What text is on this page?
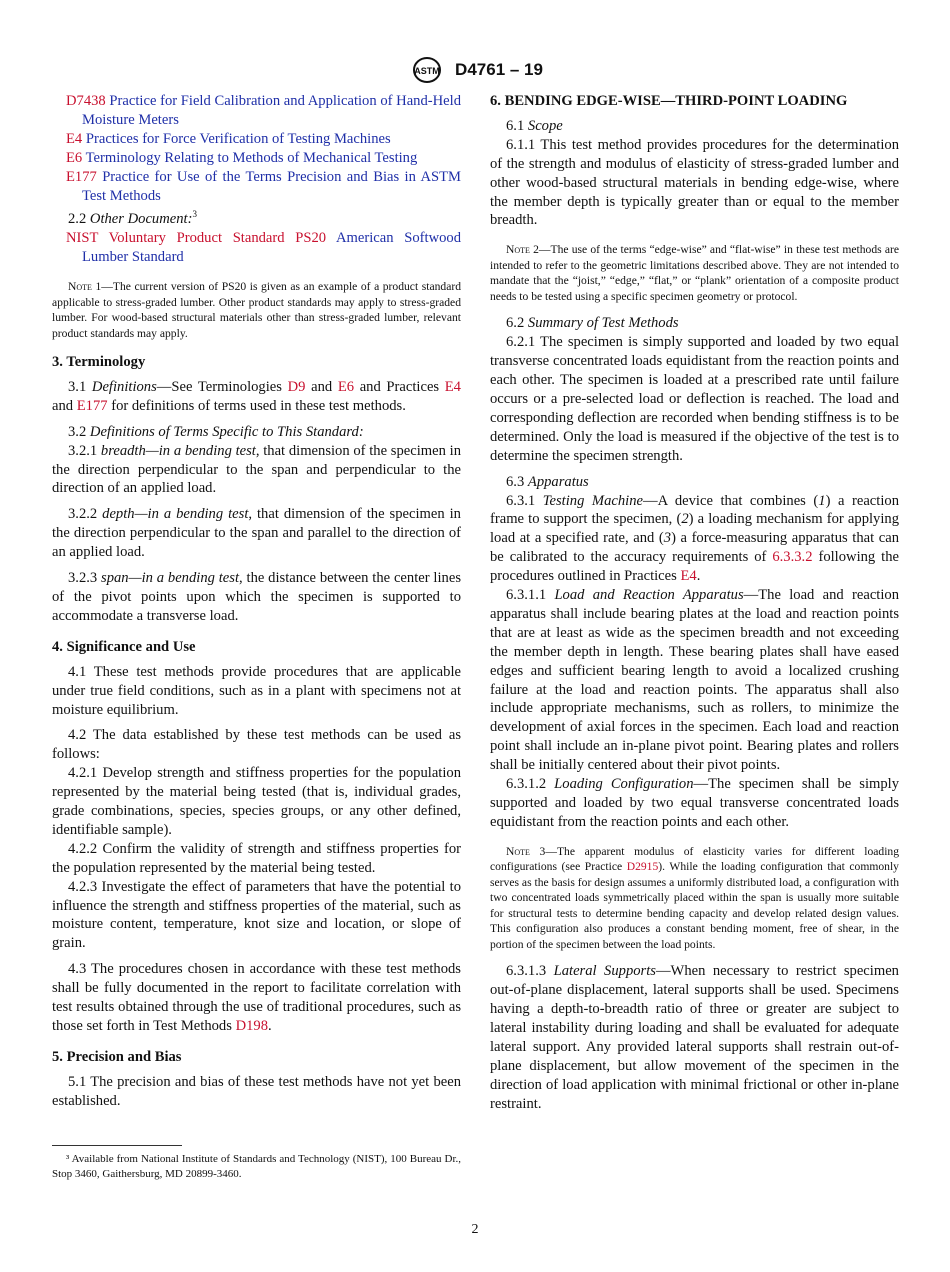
ASTM D4761 – 19

D7438 Practice for Field Calibration and Application of Hand-Held Moisture Meters

E4 Practices for Force Verification of Testing Machines

E6 Terminology Relating to Methods of Mechanical Testing

E177 Practice for Use of the Terms Precision and Bias in ASTM Test Methods

2.2 Other Document:$^3$

NIST Voluntary Product Standard PS20 American Softwood Lumber Standard

Note 1—The current version of PS20 is given as an example of a product standard applicable to stress-graded lumber. Other product standards may apply to stress-graded lumber. For wood-based structural materials other than stress-graded lumber, relevant product standards may apply.

3. Terminology

3.1 Definitions—See Terminologies D9 and E6 and Practices E4 and E177 for definitions of terms used in these test methods.

3.2 Definitions of Terms Specific to This Standard:

3.2.1 breadth—in a bending test, that dimension of the specimen in the direction perpendicular to the span and perpendicular to the direction of an applied load.

3.2.2 depth—in a bending test, that dimension of the specimen in the direction perpendicular to the span and parallel to the direction of an applied load.

3.2.3 span—in a bending test, the distance between the center lines of the pivot points upon which the specimen is supported to accommodate a transverse load.

4. Significance and Use

4.1 These test methods provide procedures that are applicable under true field conditions, such as in a plant with specimens not at moisture equilibrium.

4.2 The data established by these test methods can be used as follows:

4.2.1 Develop strength and stiffness properties for the population represented by the material being tested (that is, individual grades, grade combinations, species, species groups, or any other defined, identifiable sample).

4.2.2 Confirm the validity of strength and stiffness properties for the population represented by the material being tested.

4.2.3 Investigate the effect of parameters that have the potential to influence the strength and stiffness properties of the material, such as moisture content, temperature, knot size and location, or slope of grain.

4.3 The procedures chosen in accordance with these test methods shall be fully documented in the report to facilitate correlation with test results obtained through the use of traditional procedures, such as those set forth in Test Methods D198.

5. Precision and Bias

5.1 The precision and bias of these test methods have not yet been established.

³ Available from National Institute of Standards and Technology (NIST), 100 Bureau Dr., Stop 3460, Gaithersburg, MD 20899-3460.

6. BENDING EDGE-WISE—THIRD-POINT LOADING

6.1 Scope

6.1.1 This test method provides procedures for the determination of the strength and modulus of elasticity of stress-graded lumber and other wood-based structural materials in bending edge-wise, where the member depth is typically greater than or equal to the member breadth.

Note 2—The use of the terms “edge-wise” and “flat-wise” in these test methods are intended to refer to the geometric limitations described above. They are not intended to mandate that the “joist,” “edge,” “flat,” or “plank” orientation of a composite product needs to be tested using a specific specimen geometry or protocol.

6.2 Summary of Test Methods

6.2.1 The specimen is simply supported and loaded by two equal transverse concentrated loads equidistant from the reaction points and each other. The specimen is loaded at a prescribed rate until failure occurs or a pre-selected load or deflection is reached. The load and corresponding deflection are recorded when bending stiffness is to be determined. Only the load is measured if the objective of the test is to determine the specimen strength.

6.3 Apparatus

6.3.1 Testing Machine—A device that combines (1) a reaction frame to support the specimen, (2) a loading mechanism for applying load at a specified rate, and (3) a force-measuring apparatus that can be calibrated to the accuracy requirements of 6.3.3.2 following the procedures outlined in Practices E4.

6.3.1.1 Load and Reaction Apparatus—The load and reaction apparatus shall include bearing plates at the load and reaction points that are at least as wide as the specimen breadth and not exceeding the member depth in length. These bearing plates shall have eased edges and sufficient bearing length to avoid a localized crushing failure at the load and reaction points. The apparatus shall also include appropriate mechanisms, such as rollers, to minimize the development of axial forces in the specimen. Each load and reaction point shall include an in-plane pivot point. Bearing plates and rollers shall be initially centered about their pivot points.

6.3.1.2 Loading Configuration—The specimen shall be simply supported and loaded by two equal transverse concentrated loads equidistant from the reaction points and each other.

Note 3—The apparent modulus of elasticity varies for different loading configurations (see Practice D2915). While the loading configuration that commonly serves as the basis for design assumes a uniformly distributed load, a configuration with two concentrated loads symmetrically placed within the span is usually more suitable for structural tests to determine bending capacity and develop related design values. This configuration also produces a constant bending moment, free of shear, in the portion of the specimen between the load points.

6.3.1.3 Lateral Supports—When necessary to restrict specimen out-of-plane displacement, lateral supports shall be used. Specimens having a depth-to-breadth ratio of three or greater are subject to lateral instability during loading and shall be evaluated for adequate lateral support. Any provided lateral supports shall restrain out-of-plane displacement, but allow movement of the specimen in the direction of load application with minimal frictional or other in-plane restraint.

2
